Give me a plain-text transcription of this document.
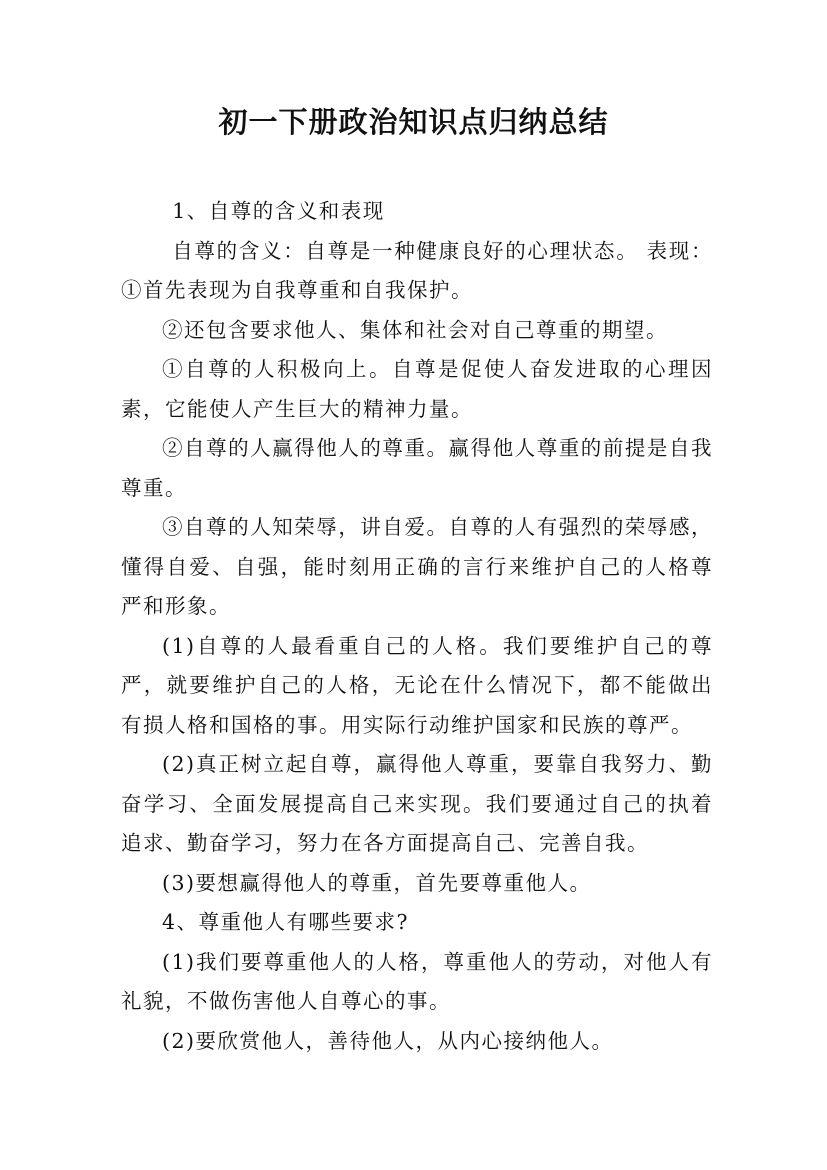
初一下册政治知识点归纳总结

1、自尊的含义和表现

自尊的含义：自尊是一种健康良好的心理状态。 表现：①首先表现为自我尊重和自我保护。

②还包含要求他人、集体和社会对自己尊重的期望。

①自尊的人积极向上。自尊是促使人奋发进取的心理因素，它能使人产生巨大的精神力量。

②自尊的人赢得他人的尊重。赢得他人尊重的前提是自我尊重。

③自尊的人知荣辱，讲自爱。自尊的人有强烈的荣辱感，懂得自爱、自强，能时刻用正确的言行来维护自己的人格尊严和形象。

(1)自尊的人最看重自己的人格。我们要维护自己的尊严，就要维护自己的人格，无论在什么情况下，都不能做出有损人格和国格的事。用实际行动维护国家和民族的尊严。

(2)真正树立起自尊，赢得他人尊重，要靠自我努力、勤奋学习、全面发展提高自己来实现。我们要通过自己的执着追求、勤奋学习，努力在各方面提高自己、完善自我。

(3)要想赢得他人的尊重，首先要尊重他人。

4、尊重他人有哪些要求?

(1)我们要尊重他人的人格，尊重他人的劳动，对他人有礼貌，不做伤害他人自尊心的事。

(2)要欣赏他人，善待他人，从内心接纳他人。
